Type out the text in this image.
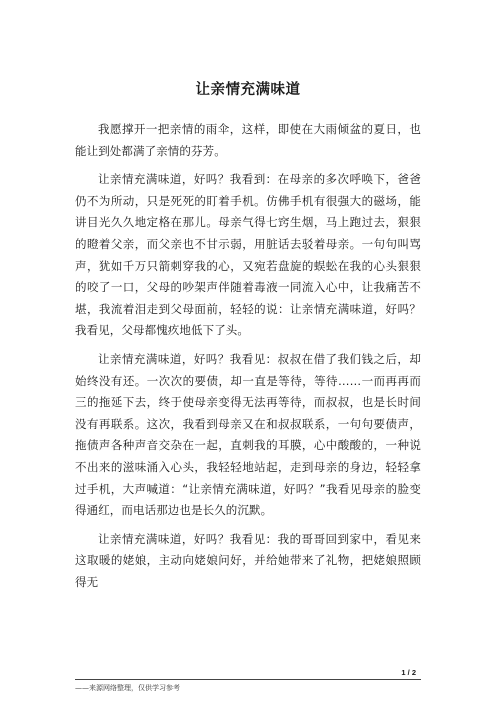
让亲情充满味道

我愿撑开一把亲情的雨伞，这样，即使在大雨倾盆的夏日，也能让到处都满了亲情的芬芳。

让亲情充满味道，好吗？我看到：在母亲的多次呼唤下，爸爸仍不为所动，只是死死的盯着手机。仿佛手机有很强大的磁场，能讲目光久久地定格在那儿。母亲气得七窍生烟，马上跑过去，狠狠的瞪着父亲，而父亲也不甘示弱，用脏话去驳着母亲。一句句叫骂声，犹如千万只箭刺穿我的心，又宛若盘旋的蜈蚣在我的心头狠狠的咬了一口，父母的吵架声伴随着毒液一同流入心中，让我痛苦不堪，我流着泪走到父母面前，轻轻的说：让亲情充满味道，好吗？我看见，父母都愧疚地低下了头。

让亲情充满味道，好吗？我看见：叔叔在借了我们钱之后，却始终没有还。一次次的要债，却一直是等待，等待……一而再再而三的拖延下去，终于使母亲变得无法再等待，而叔叔，也是长时间没有再联系。这次，我看到母亲又在和叔叔联系，一句句要债声，拖债声各种声音交杂在一起，直刺我的耳膜，心中酸酸的，一种说不出来的滋味涌入心头，我轻轻地站起，走到母亲的身边，轻轻拿过手机，大声喊道：“让亲情充满味道，好吗？”我看见母亲的脸变得通红，而电话那边也是长久的沉默。

让亲情充满味道，好吗？我看见：我的哥哥回到家中，看见来这取暖的姥娘，主动向姥娘问好，并给她带来了礼物，把姥娘照顾得无

1 / 2
——来源网络整理，仅供学习参考
